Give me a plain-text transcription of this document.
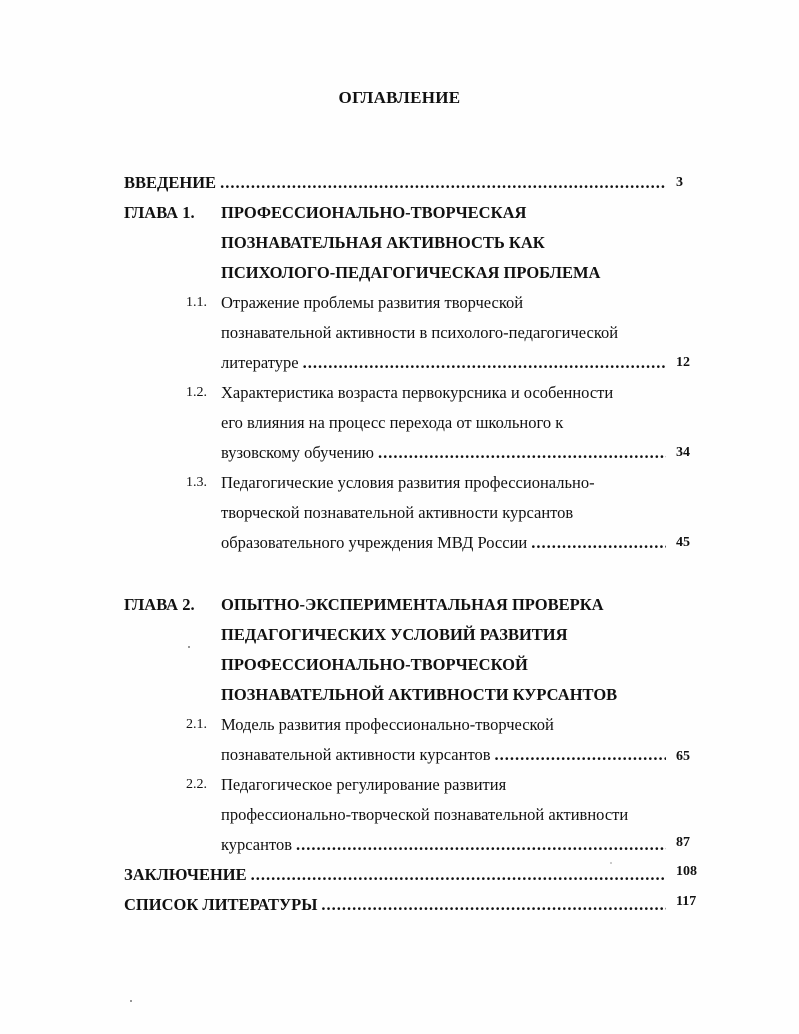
ОГЛАВЛЕНИЕ
ВВЕДЕНИЕ .....	3
ГЛАВА 1. ПРОФЕССИОНАЛЬНО-ТВОРЧЕСКАЯ
ПОЗНАВАТЕЛЬНАЯ АКТИВНОСТЬ КАК
ПСИХОЛОГО-ПЕДАГОГИЧЕСКАЯ ПРОБЛЕМА
1.1. Отражение проблемы развития творческой
познавательной активности в психолого-педагогической
литературе .....	12
1.2. Характеристика возраста первокурсника и особенности
его влияния на процесс перехода от школьного к
вузовскому обучению .....	34
1.3. Педагогические условия развития профессионально-
творческой познавательной активности курсантов
образовательного учреждения МВД России .....	45
ГЛАВА 2. ОПЫТНО-ЭКСПЕРИМЕНТАЛЬНАЯ ПРОВЕРКА
ПЕДАГОГИЧЕСКИХ УСЛОВИЙ РАЗВИТИЯ
ПРОФЕССИОНАЛЬНО-ТВОРЧЕСКОЙ
ПОЗНАВАТЕЛЬНОЙ АКТИВНОСТИ КУРСАНТОВ
2.1. Модель развития профессионально-творческой
познавательной активности курсантов .....	65
2.2. Педагогическое регулирование развития
профессионально-творческой познавательной активности
курсантов .....	87
ЗАКЛЮЧЕНИЕ .....	108
СПИСОК ЛИТЕРАТУРЫ .....	117
